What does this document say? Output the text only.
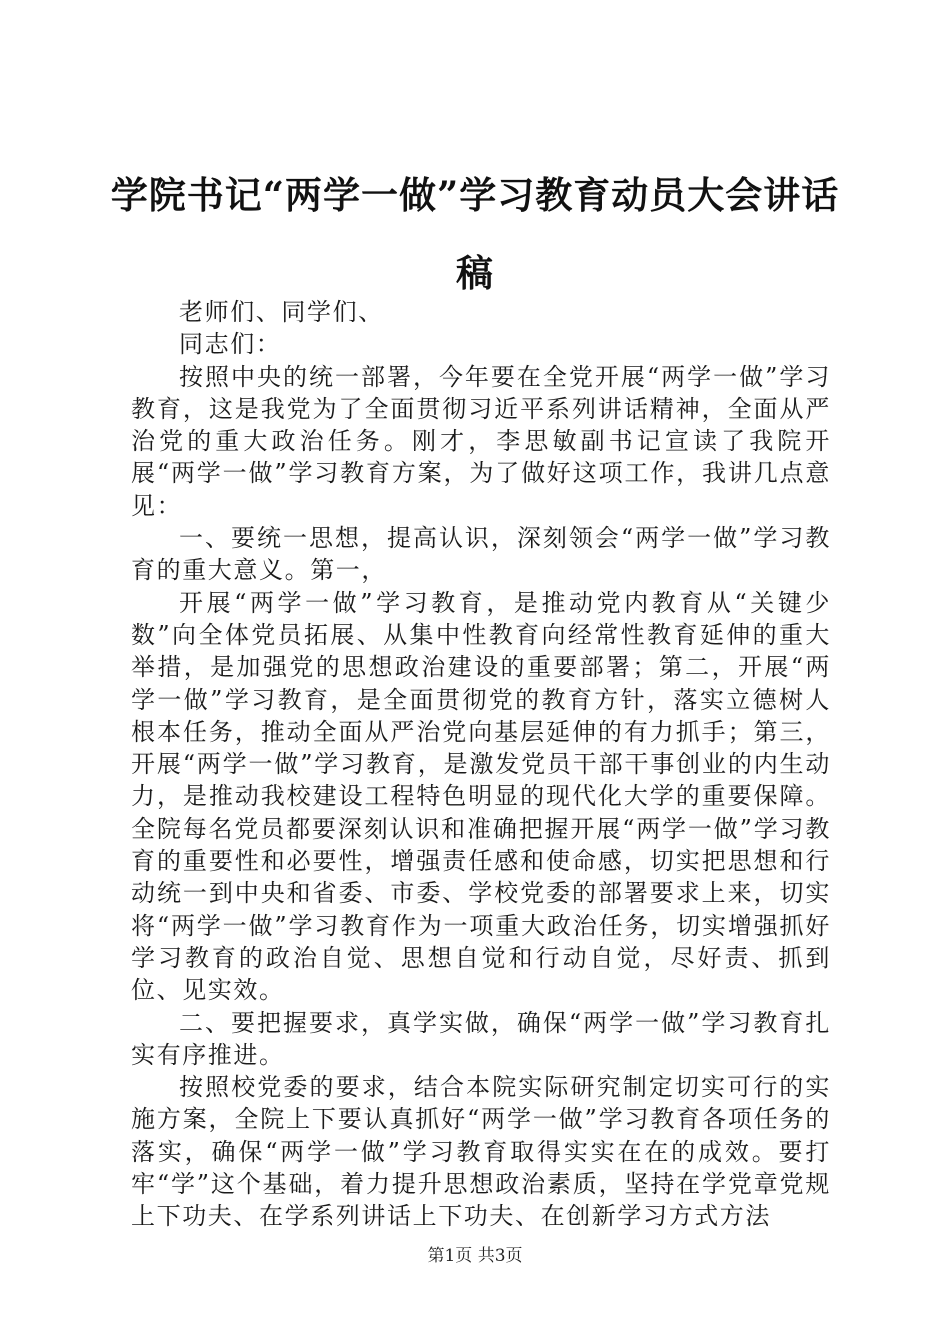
学院书记“两学一做”学习教育动员大会讲话稿

老师们、同学们、

同志们：

按照中央的统一部署，今年要在全党开展“两学一做”学习教育，这是我党为了全面贯彻习近平系列讲话精神，全面从严治党的重大政治任务。刚才，李思敏副书记宣读了我院开展“两学一做”学习教育方案，为了做好这项工作，我讲几点意见：

一、要统一思想，提高认识，深刻领会“两学一做”学习教育的重大意义。第一，

开展“两学一做”学习教育，是推动党内教育从“关键少数”向全体党员拓展、从集中性教育向经常性教育延伸的重大举措，是加强党的思想政治建设的重要部署；第二，开展“两学一做”学习教育，是全面贯彻党的教育方针，落实立德树人根本任务，推动全面从严治党向基层延伸的有力抓手；第三，开展“两学一做”学习教育，是激发党员干部干事创业的内生动力，是推动我校建设工程特色明显的现代化大学的重要保障。全院每名党员都要深刻认识和准确把握开展“两学一做”学习教育的重要性和必要性，增强责任感和使命感，切实把思想和行动统一到中央和省委、市委、学校党委的部署要求上来，切实将“两学一做”学习教育作为一项重大政治任务，切实增强抓好学习教育的政治自觉、思想自觉和行动自觉，尽好责、抓到位、见实效。

二、要把握要求，真学实做，确保“两学一做”学习教育扎实有序推进。

按照校党委的要求，结合本院实际研究制定切实可行的实施方案，全院上下要认真抓好“两学一做”学习教育各项任务的落实，确保“两学一做”学习教育取得实实在在的成效。要打牢“学”这个基础，着力提升思想政治素质，坚持在学党章党规上下功夫、在学系列讲话上下功夫、在创新学习方式方法

第1页 共3页
